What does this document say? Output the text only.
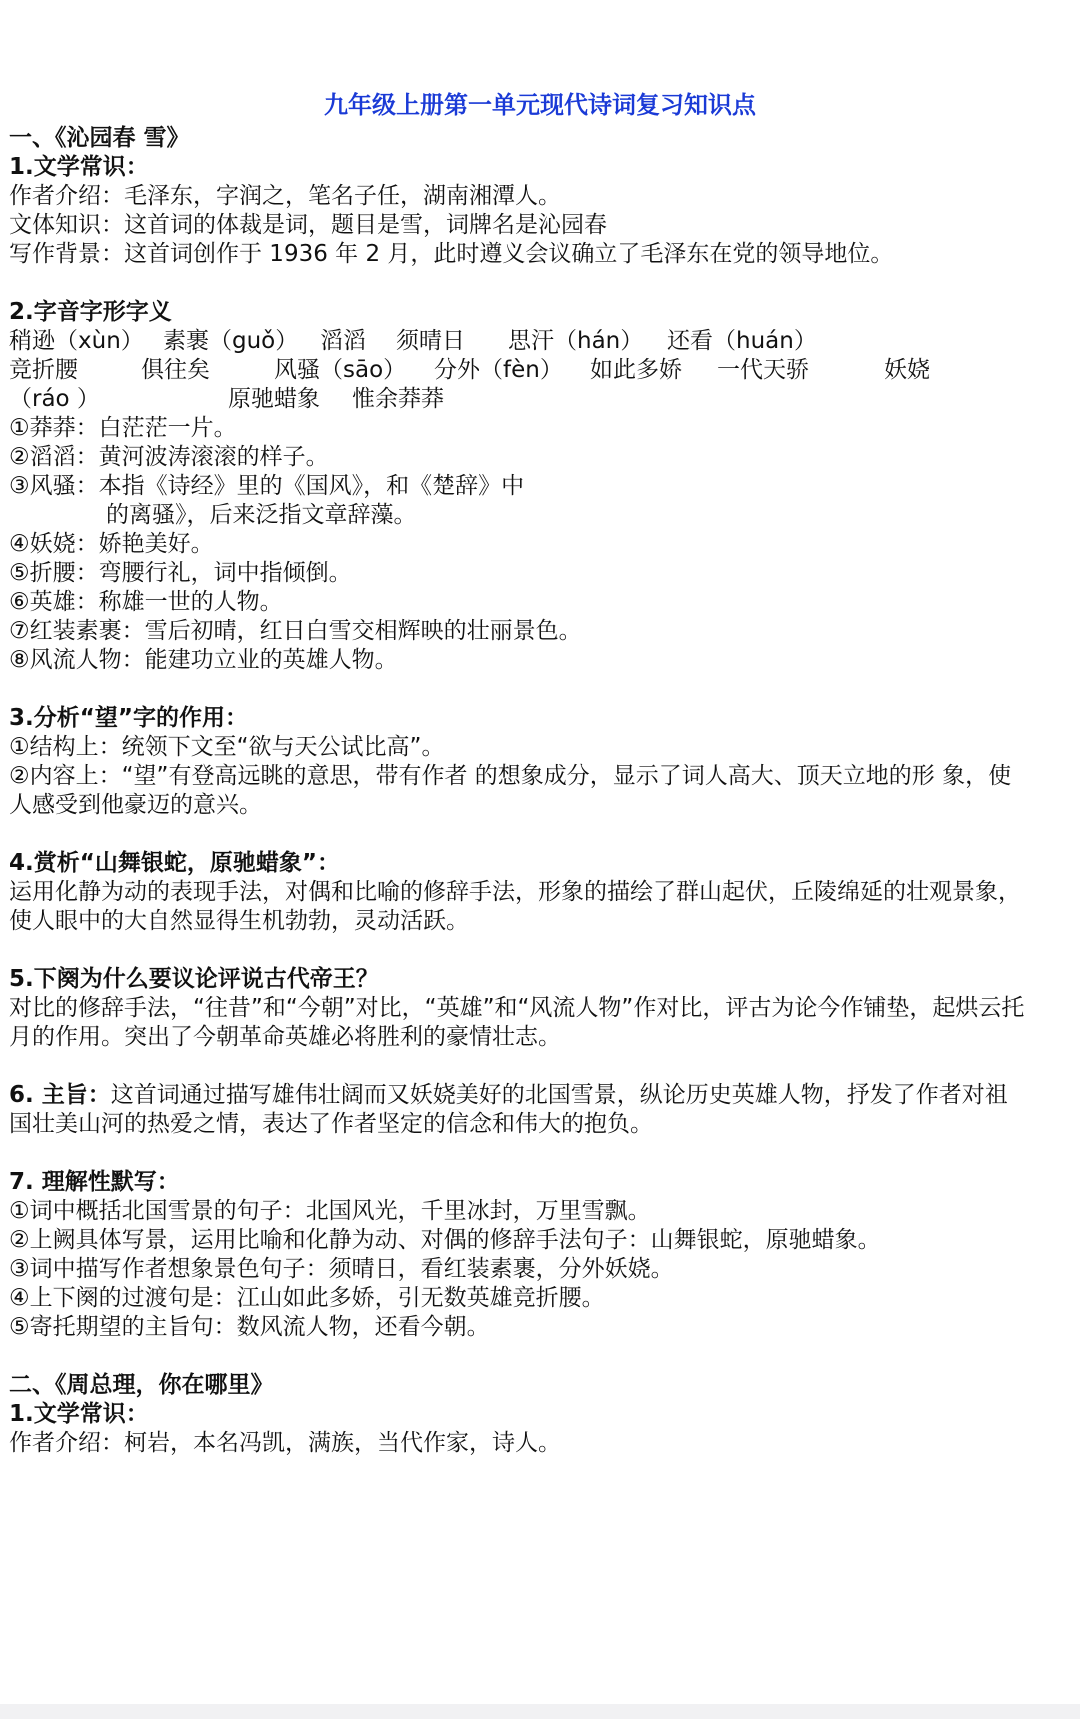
九年级上册第一单元现代诗词复习知识点
一、《沁园春 雪》
1.文学常识：
作者介绍：毛泽东，字润之，笔名子任，湖南湘潭人。
文体知识：这首词的体裁是词，题目是雪，词牌名是沁园春
写作背景：这首词创作于 1936 年 2 月，此时遵义会议确立了毛泽东在党的领导地位。
2.字音字形字义
稍逊（xùn） 素裹（guǒ） 滔滔 须晴日 思汗（hán） 还看（huán）
竞折腰	俱往矣	风骚（sāo） 分外（fèn） 如此多娇 一代天骄	妖娆
（ráo ）	原驰蜡象 惟余莽莽
①莽莽：白茫茫一片。
②滔滔：黄河波涛滚滚的样子。
③风骚：本指《诗经》里的《国风》，和《楚辞》中
的离骚》，后来泛指文章辞藻。
④妖娆：娇艳美好。
⑤折腰：弯腰行礼，词中指倾倒。
⑥英雄：称雄一世的人物。
⑦红装素裹：雪后初晴，红日白雪交相辉映的壮丽景色。
⑧风流人物：能建功立业的英雄人物。
3.分析“望”字的作用：
①结构上：统领下文至“欲与天公试比高”。
②内容上：“望”有登高远眺的意思，带有作者 的想象成分，显示了词人高大、顶天立地的形 象，使
人感受到他豪迈的意兴。
4.赏析“山舞银蛇，原驰蜡象”：
运用化静为动的表现手法，对偶和比喻的修辞手法，形象的描绘了群山起伏，丘陵绵延的壮观景象，
使人眼中的大自然显得生机勃勃，灵动活跃。
5.下阕为什么要议论评说古代帝王？
对比的修辞手法，“往昔”和“今朝”对比，“英雄”和“风流人物”作对比，评古为论今作铺垫，起烘云托
月的作用。突出了今朝革命英雄必将胜利的豪情壮志。
6. 主旨：这首词通过描写雄伟壮阔而又妖娆美好的北国雪景，纵论历史英雄人物，抒发了作者对祖
国壮美山河的热爱之情，表达了作者坚定的信念和伟大的抱负。
7. 理解性默写：
①词中概括北国雪景的句子：北国风光，千里冰封，万里雪飘。
②上阙具体写景，运用比喻和化静为动、对偶的修辞手法句子：山舞银蛇，原驰蜡象。
③词中描写作者想象景色句子：须晴日，看红装素裹，分外妖娆。
④上下阕的过渡句是：江山如此多娇，引无数英雄竞折腰。
⑤寄托期望的主旨句：数风流人物，还看今朝。
二、《周总理，你在哪里》
1.文学常识：
作者介绍：柯岩，本名冯凯，满族，当代作家，诗人。
